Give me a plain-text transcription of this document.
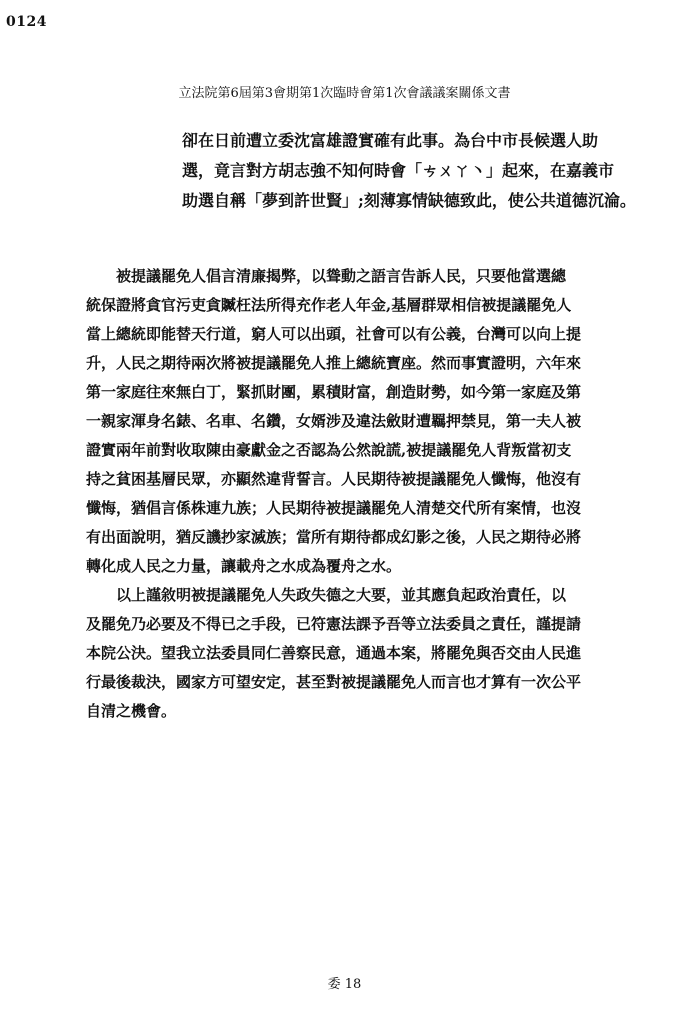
0124
立法院第6屆第3會期第1次臨時會第1次會議議案關係文書
卻在日前遭立委沈富雄證實確有此事。為台中市長候選人助
選，竟言對方胡志強不知何時會「ㄘㄨㄚ丶」起來，在嘉義市
助選自稱「夢到許世賢」;刻薄寡情缺德致此，使公共道德沉淪。
　　被提議罷免人倡言清廉揭弊，以聳動之語言告訴人民，只要他當選總
統保證將貪官污吏貪贓枉法所得充作老人年金,基層群眾相信被提議罷免人
當上總統即能替天行道，窮人可以出頭，社會可以有公義，台灣可以向上提
升，人民之期待兩次將被提議罷免人推上總統寶座。然而事實證明，六年來
第一家庭往來無白丁，緊抓財團，累積財富，創造財勢，如今第一家庭及第
一親家渾身名錶、名車、名鑽，女婿涉及違法斂財遭羈押禁見，第一夫人被
證實兩年前對收取陳由豪獻金之否認為公然說謊,被提議罷免人背叛當初支
持之貧困基層民眾，亦顯然違背誓言。人民期待被提議罷免人懺悔，他沒有
懺悔，猶倡言係株連九族；人民期待被提議罷免人清楚交代所有案情，也沒
有出面說明，猶反譏抄家滅族；當所有期待都成幻影之後，人民之期待必將
轉化成人民之力量，讓載舟之水成為覆舟之水。
　　以上謹敘明被提議罷免人失政失德之大要，並其應負起政治責任，以
及罷免乃必要及不得已之手段，已符憲法課予吾等立法委員之責任，謹提請
本院公決。望我立法委員同仁善察民意，通過本案，將罷免與否交由人民進
行最後裁決，國家方可望安定，甚至對被提議罷免人而言也才算有一次公平
自清之機會。
委 18
